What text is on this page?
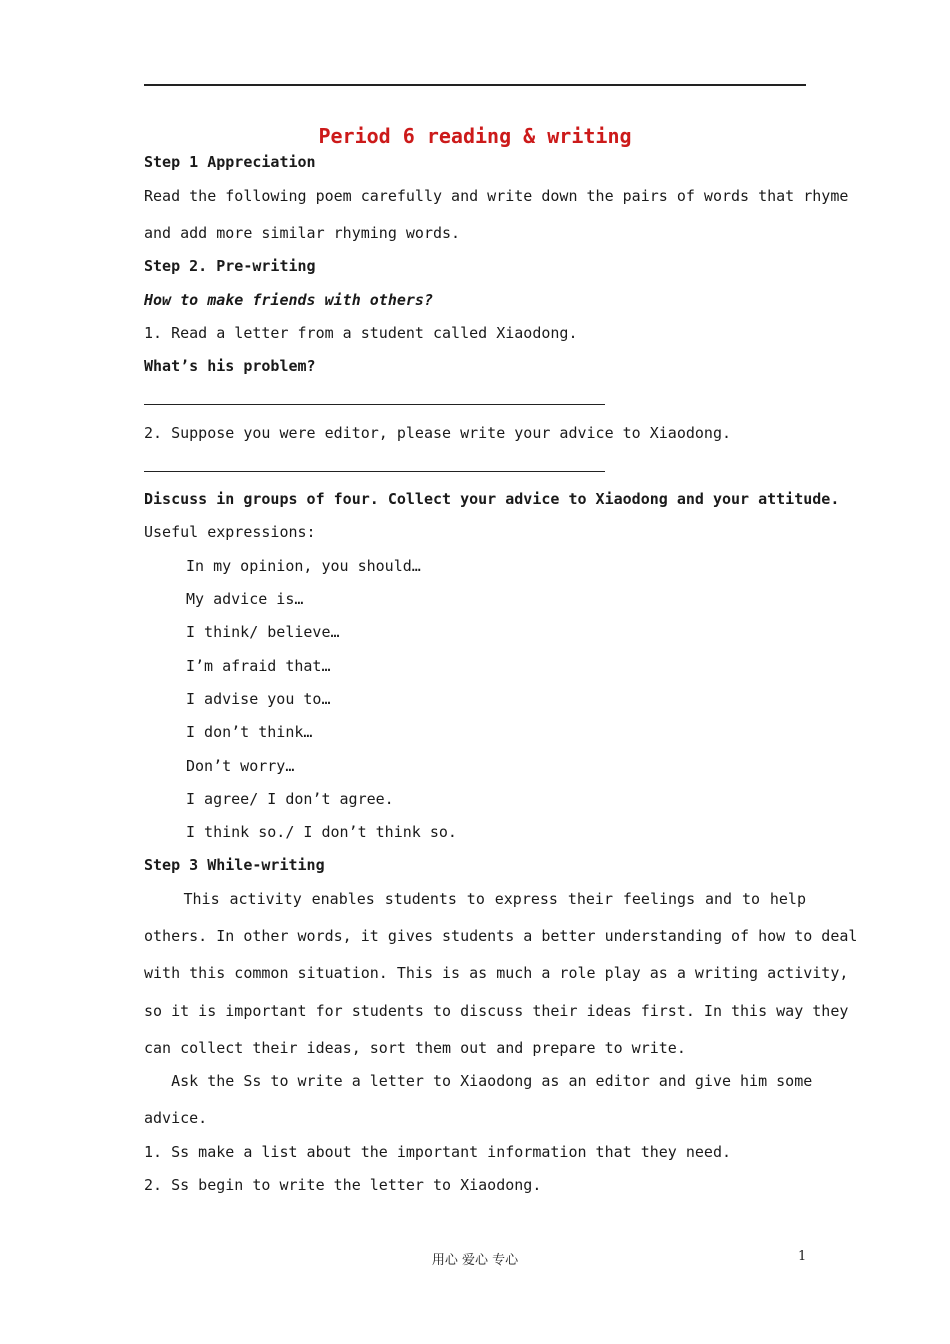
Period 6 reading & writing
Step 1 Appreciation
Read the following poem carefully and write down the pairs of words that rhyme
and add more similar rhyming words.
Step 2. Pre-writing
How to make friends with others?
1. Read a letter from a student called Xiaodong.
What’s his problem?
2. Suppose you were editor, please write your advice to Xiaodong.
Discuss in groups of four. Collect your advice to Xiaodong and your attitude.
Useful expressions:
In my opinion, you should…
My advice is…
I think/ believe…
I’m afraid that…
I advise you to…
I don’t think…
Don’t worry…
I agree/ I don’t agree.
I think so./ I don’t think so.
Step 3 While-writing
This activity enables students to express their feelings and to help
others. In other words, it gives students a better understanding of how to deal
with this common situation. This is as much a role play as a writing activity,
so it is important for students to discuss their ideas first. In this way they
can collect their ideas, sort them out and prepare to write.
Ask the Ss to write a letter to Xiaodong as an editor and give him some
advice.
1. Ss make a list about the important information that they need.
2. Ss begin to write the letter to Xiaodong.
用心 爱心 专心	1
